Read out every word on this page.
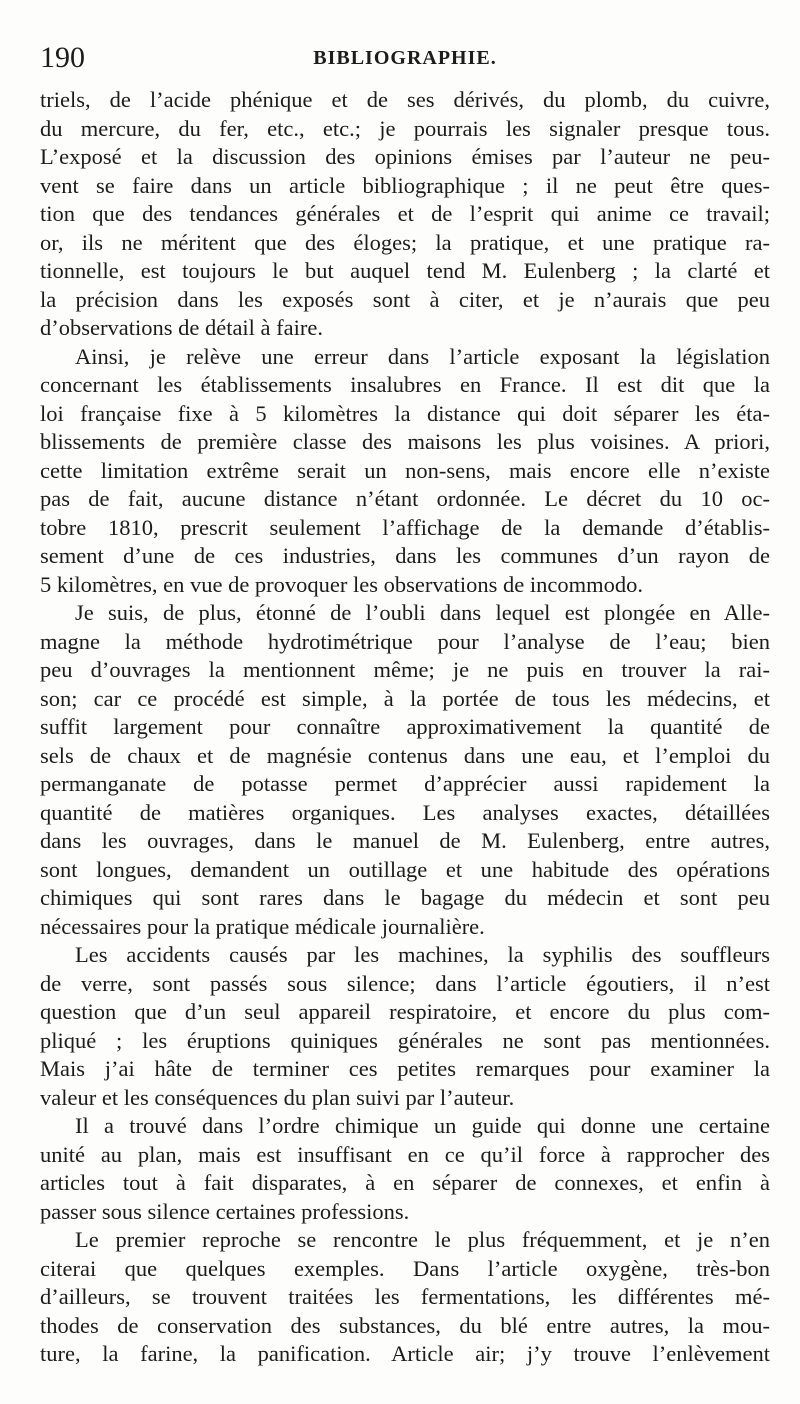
190	BIBLIOGRAPHIE.
triels, de l’acide phénique et de ses dérivés, du plomb, du cuivre,
du mercure, du fer, etc., etc.; je pourrais les signaler presque tous.
L’exposé et la discussion des opinions émises par l’auteur ne peu-
vent se faire dans un article bibliographique ; il ne peut être ques-
tion que des tendances générales et de l’esprit qui anime ce travail;
or, ils ne méritent que des éloges; la pratique, et une pratique ra-
tionnelle, est toujours le but auquel tend M. Eulenberg ; la clarté et
la précision dans les exposés sont à citer, et je n’aurais que peu
d’observations de détail à faire.
Ainsi, je relève une erreur dans l’article exposant la législation
concernant les établissements insalubres en France. Il est dit que la
loi française fixe à 5 kilomètres la distance qui doit séparer les éta-
blissements de première classe des maisons les plus voisines. A priori,
cette limitation extrême serait un non-sens, mais encore elle n’existe
pas de fait, aucune distance n’étant ordonnée. Le décret du 10 oc-
tobre 1810, prescrit seulement l’affichage de la demande d’établis-
sement d’une de ces industries, dans les communes d’un rayon de
5 kilomètres, en vue de provoquer les observations de incommodo.
Je suis, de plus, étonné de l’oubli dans lequel est plongée en Alle-
magne la méthode hydrotimétrique pour l’analyse de l’eau; bien
peu d’ouvrages la mentionnent même; je ne puis en trouver la rai-
son; car ce procédé est simple, à la portée de tous les médecins, et
suffit largement pour connaître approximativement la quantité de
sels de chaux et de magnésie contenus dans une eau, et l’emploi du
permanganate de potasse permet d’apprécier aussi rapidement la
quantité de matières organiques. Les analyses exactes, détaillées
dans les ouvrages, dans le manuel de M. Eulenberg, entre autres,
sont longues, demandent un outillage et une habitude des opérations
chimiques qui sont rares dans le bagage du médecin et sont peu
nécessaires pour la pratique médicale journalière.
Les accidents causés par les machines, la syphilis des souffleurs
de verre, sont passés sous silence; dans l’article égoutiers, il n’est
question que d’un seul appareil respiratoire, et encore du plus com-
pliqué ; les éruptions quiniques générales ne sont pas mentionnées.
Mais j’ai hâte de terminer ces petites remarques pour examiner la
valeur et les conséquences du plan suivi par l’auteur.
Il a trouvé dans l’ordre chimique un guide qui donne une certaine
unité au plan, mais est insuffisant en ce qu’il force à rapprocher des
articles tout à fait disparates, à en séparer de connexes, et enfin à
passer sous silence certaines professions.
Le premier reproche se rencontre le plus fréquemment, et je n’en
citerai que quelques exemples. Dans l’article oxygène, très-bon
d’ailleurs, se trouvent traitées les fermentations, les différentes mé-
thodes de conservation des substances, du blé entre autres, la mou-
ture, la farine, la panification. Article air; j’y trouve l’enlèvement
